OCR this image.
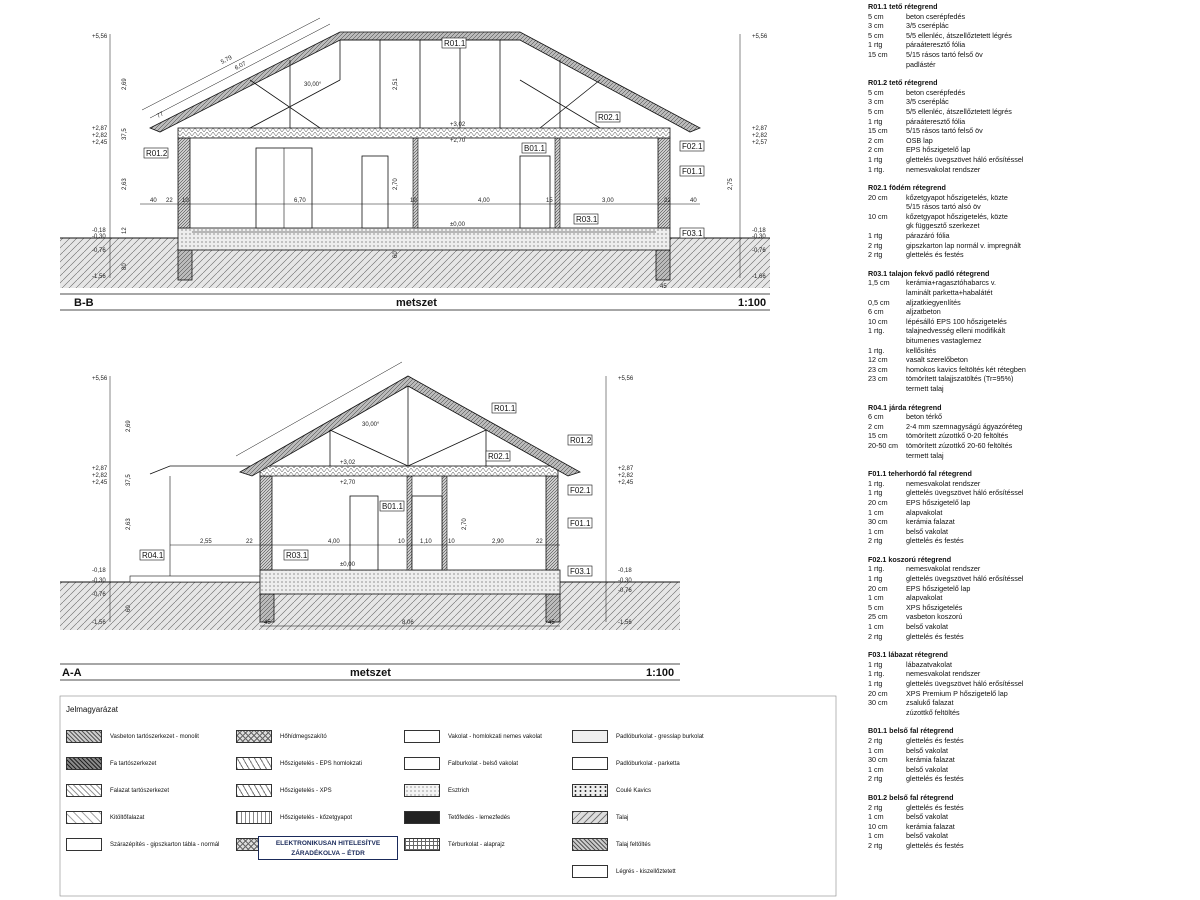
5,79
6,07
77
30,00°
+5,56
+2,87
+2,82
+2,45
-0,18
-0,30
-0,76
-1,56
+5,56
+2,87
+2,82
+2,57
-0,18
-0,30
-0,76
-1,66
+3,02
+2,70
±0,00
2,69	2,51
2,70
2,63	2,75
37,5
12
60
80
40 22 10	6,70	10	4,00	15	3,00	22	40
45
R01.1
R02.1
R01.2
B01.1	F02.1
F01.1
R03.1
F03.1
B-B	metszet	1:100
30,00°
+5,56
+2,87
+2,82
+2,45
-0,18
-0,30
-0,76
-1,56
+5,56
+2,87
+2,82
+2,45
-0,18
-0,30
-0,76
-1,56
+3,02
+2,70
±0,00
2,69
2,70
2,63
37,5
60
2,55	22	4,00	10	1,10	10	2,90	22
45	8,06	45
R01.1
R01.2
R02.1
F02.1
B01.1
F01.1
R04.1	R03.1
F03.1
A-A	metszet	1:100
R01.1 tető rétegrend
5 cm	beton cserépfedés
3 cm	3/5 cseréplác
5 cm	5/5 ellenléc, átszellőztetett légrés
1 rtg	páraáteresztő fólia
15 cm	5/15 rásos tartó felső öv
padlástér
R01.2 tető rétegrend
5 cm	beton cserépfedés
3 cm	3/5 cseréplác
5 cm	5/5 ellenléc, átszellőztetett légrés
1 rtg	páraáteresztő fólia
15 cm	5/15 rásos tartó felső öv
2 cm	OSB lap
2 cm	EPS hőszigetelő lap
1 rtg	glettelés üvegszövet háló erősítéssel
1 rtg.	nemesvakolat rendszer
R02.1 födém rétegrend
20 cm	kőzetgyapot hőszigetelés, közte
5/15 rásos tartó alsó öv
10 cm	kőzetgyapot hőszigetelés, közte
gk függesztő szerkezet
1 rtg	párazáró fólia
2 rtg	gipszkarton lap normál v. impregnált
2 rtg	glettelés és festés
R03.1 talajon fekvő padló rétegrend
1,5 cm	kerámia+ragasztóhabarcs v.
laminált parketta+habalátét
0,5 cm	aljzatkiegyenlítés
6 cm	aljzatbeton
10 cm	lépésálló EPS 100 hőszigetelés
1 rtg.	talajnedvesség elleni modifikált
bitumenes vastaglemez
1 rtg.	kellősítés
12 cm	vasalt szerelőbeton
23 cm	homokos kavics feltöltés két rétegben
23 cm	tömörített talajjszatöltés (Tr=95%)
termett talaj
R04.1 járda rétegrend
6 cm	beton térkő
2 cm	2-4 mm szemnagyságú ágyazóréteg
15 cm	tömörített zúzottkő 0-20 feltöltés
20-50 cm	tömörített zúzottkő 20-60 feltöltés
termett talaj
F01.1 teherhordó fal rétegrend
1 rtg.	nemesvakolat rendszer
1 rtg	glettelés üvegszövet háló erősítéssel
20 cm	EPS hőszigetelő lap
1 cm	alapvakolat
30 cm	kerámia falazat
1 cm	belső vakolat
2 rtg	glettelés és festés
F02.1 koszorú rétegrend
1 rtg.	nemesvakolat rendszer
1 rtg	glettelés üvegszövet háló erősítéssel
20 cm	EPS hőszigetelő lap
1 cm	alapvakolat
5 cm	XPS hőszigetelés
25 cm	vasbeton koszorú
1 cm	belső vakolat
2 rtg	glettelés és festés
F03.1 lábazat rétegrend
1 rtg	lábazatvakolat
1 rtg.	nemesvakolat rendszer
1 rtg	glettelés üvegszövet háló erősítéssel
20 cm	XPS Premium P hőszigetelő lap
30 cm	zsalukő falazat
zúzottkő feltöltés
B01.1 belső fal rétegrend
2 rtg	glettelés és festés
1 cm	belső vakolat
30 cm	kerámia falazat
1 cm	belső vakolat
2 rtg	glettelés és festés
B01.2 belső fal rétegrend
2 rtg	glettelés és festés
1 cm	belső vakolat
10 cm	kerámia falazat
1 cm	belső vakolat
2 rtg	glettelés és festés
Jelmagyarázat
Vasbeton tartószerkezet - monolit	Hőhídmegszakító	Vakolat - homlokzati nemes vakolat	Padlóburkolat - gresslap burkolat
Fa tartószerkezet	Hőszigetelés - EPS homlokzati	Falburkolat - belső vakolat	Padlóburkolat - parketta
Falazat tartószerkezet	Hőszigetelés - XPS	Esztrich	Coulé Kavics
Kitöltőfalazat	Hőszigetelés - kőzetgyapot	Tetőfedés - lemezfedés	Talaj
Szárazépítés - gipszkarton tábla - normál	Térburkolat - alaprajz	Talaj feltöltés
Légrés - kiszellőztetett
ELEKTRONIKUSAN HITELESÍTVE
ZÁRADÉKOLVA – ÉTDR
